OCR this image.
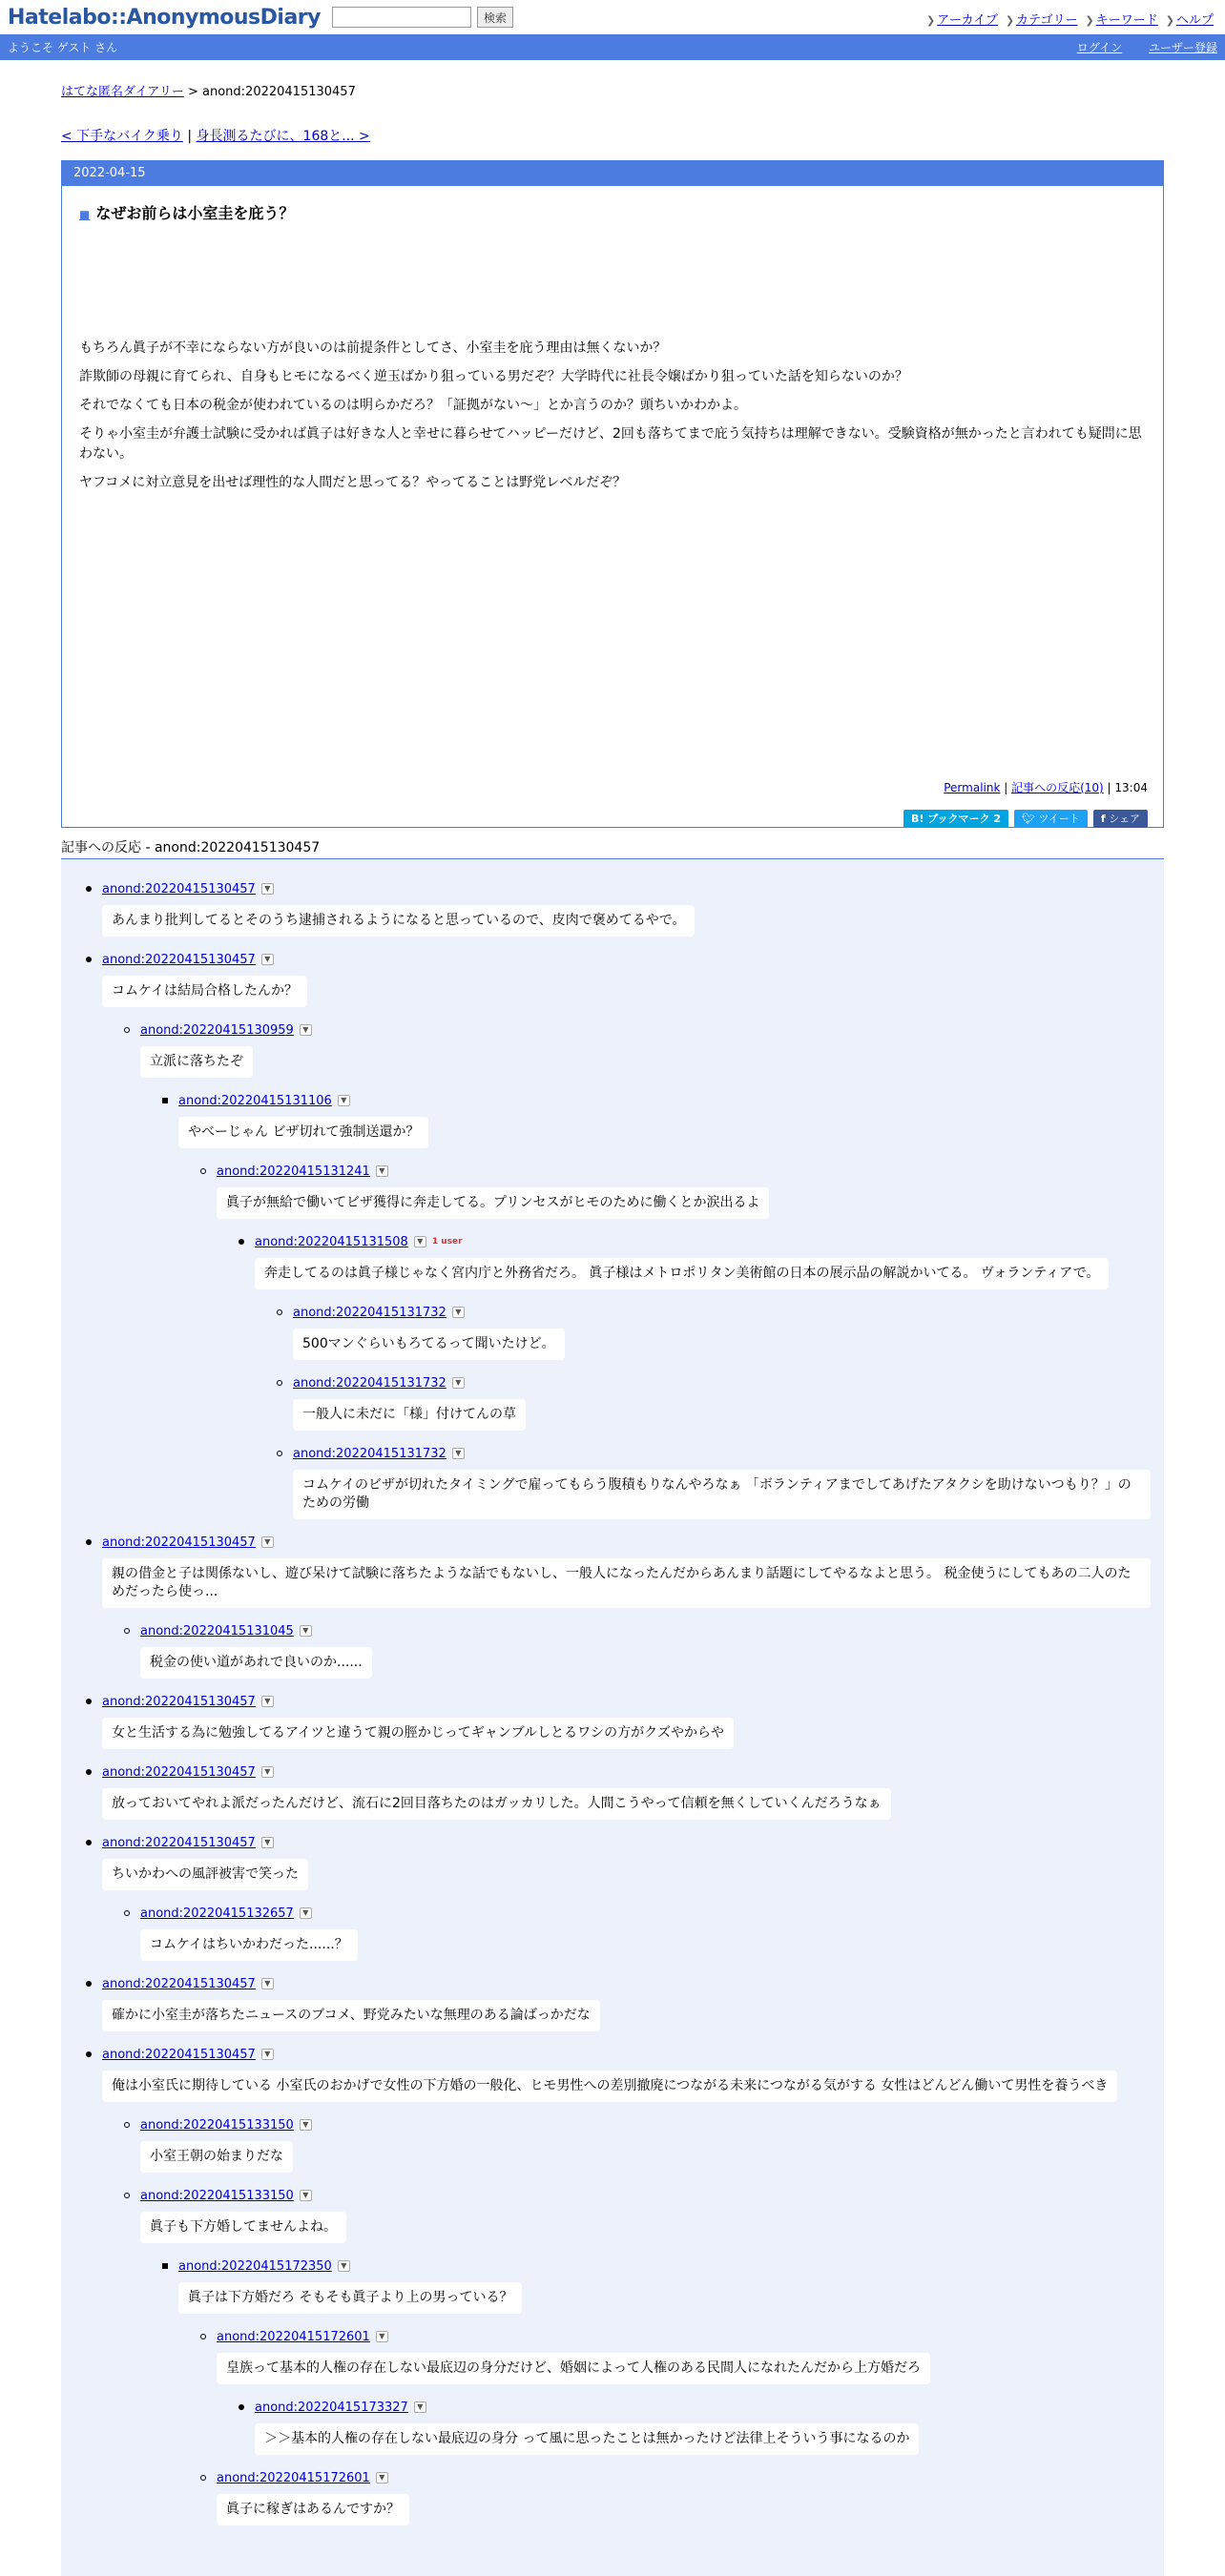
Hatelabo::AnonymousDiary	検索	❯ アーカイブ ❯ カテゴリー ❯ キーワード ❯ ヘルプ
ようこそ ゲスト さん	ログイン ユーザー登録
はてな匿名ダイアリー > anond:20220415130457
< 下手なバイク乗り | 身長測るたびに、168と... >
2022-04-15
■ なぜお前らは小室圭を庇う？

もちろん眞子が不幸にならない方が良いのは前提条件としてさ、小室圭を庇う理由は無くないか？

詐欺師の母親に育てられ、自身もヒモになるべく逆玉ばかり狙っている男だぞ？大学時代に社長令嬢ばかり狙っていた話を知らないのか？

それでなくても日本の税金が使われているのは明らかだろ？「証拠がない〜」とか言うのか？頭ちいかわかよ。

そりゃ小室圭が弁護士試験に受かれば眞子は好きな人と幸せに暮らせてハッピーだけど、2回も落ちてまで庇う気持ちは理解できない。受験資格が無かったと言われても疑問に思わない。

ヤフコメに対立意見を出せば理性的な人間だと思ってる？やってることは野党レベルだぞ？

Permalink | 記事への反応(10) | 13:04
B! ブックマーク 2	🐦︎ ツイート	f シェア
記事への反応 - anond:20220415130457
anond:20220415130457	▼
あんまり批判してるとそのうち逮捕されるようになると思っているので、皮肉で褒めてるやで。
anond:20220415130457	▼
コムケイは結局合格したんか？
anond:20220415130959	▼
立派に落ちたぞ
anond:20220415131106	▼
やべーじゃん ビザ切れて強制送還か？
anond:20220415131241	▼
眞子が無給で働いてビザ獲得に奔走してる。プリンセスがヒモのために働くとか涙出るよ
anond:20220415131508	▼	1 user
奔走してるのは眞子様じゃなく宮内庁と外務省だろ。 眞子様はメトロポリタン美術館の日本の展示品の解説かいてる。 ヴォランティアで。
anond:20220415131732	▼
500マンぐらいもろてるって聞いたけど。
anond:20220415131732	▼
一般人に未だに「様」付けてんの草
anond:20220415131732	▼
コムケイのビザが切れたタイミングで雇ってもらう腹積もりなんやろなぁ 「ボランティアまでしてあげたアタクシを助けないつもり？」のための労働
anond:20220415130457	▼
親の借金と子は関係ないし、遊び呆けて試験に落ちたような話でもないし、一般人になったんだからあんまり話題にしてやるなよと思う。 税金使うにしてもあの二人のためだったら使っ...
anond:20220415131045	▼
税金の使い道があれで良いのか......
anond:20220415130457	▼
女と生活する為に勉強してるアイツと違うて親の脛かじってギャンブルしとるワシの方がクズやからや
anond:20220415130457	▼
放っておいてやれよ派だったんだけど、流石に2回目落ちたのはガッカリした。人間こうやって信頼を無くしていくんだろうなぁ
anond:20220415130457	▼
ちいかわへの風評被害で笑った
anond:20220415132657	▼
コムケイはちいかわだった......？
anond:20220415130457	▼
確かに小室圭が落ちたニュースのブコメ、野党みたいな無理のある論ばっかだな
anond:20220415130457	▼
俺は小室氏に期待している 小室氏のおかげで女性の下方婚の一般化、ヒモ男性への差別撤廃につながる未来につながる気がする 女性はどんどん働いて男性を養うべき
anond:20220415133150	▼
小室王朝の始まりだな
anond:20220415133150	▼
眞子も下方婚してませんよね。
anond:20220415172350	▼
眞子は下方婚だろ そもそも眞子より上の男っている？
anond:20220415172601	▼
皇族って基本的人権の存在しない最底辺の身分だけど、婚姻によって人権のある民間人になれたんだから上方婚だろ
anond:20220415173327	▼
＞＞基本的人権の存在しない最底辺の身分 って風に思ったことは無かったけど法律上そういう事になるのか
anond:20220415172601	▼
眞子に稼ぎはあるんですか？
